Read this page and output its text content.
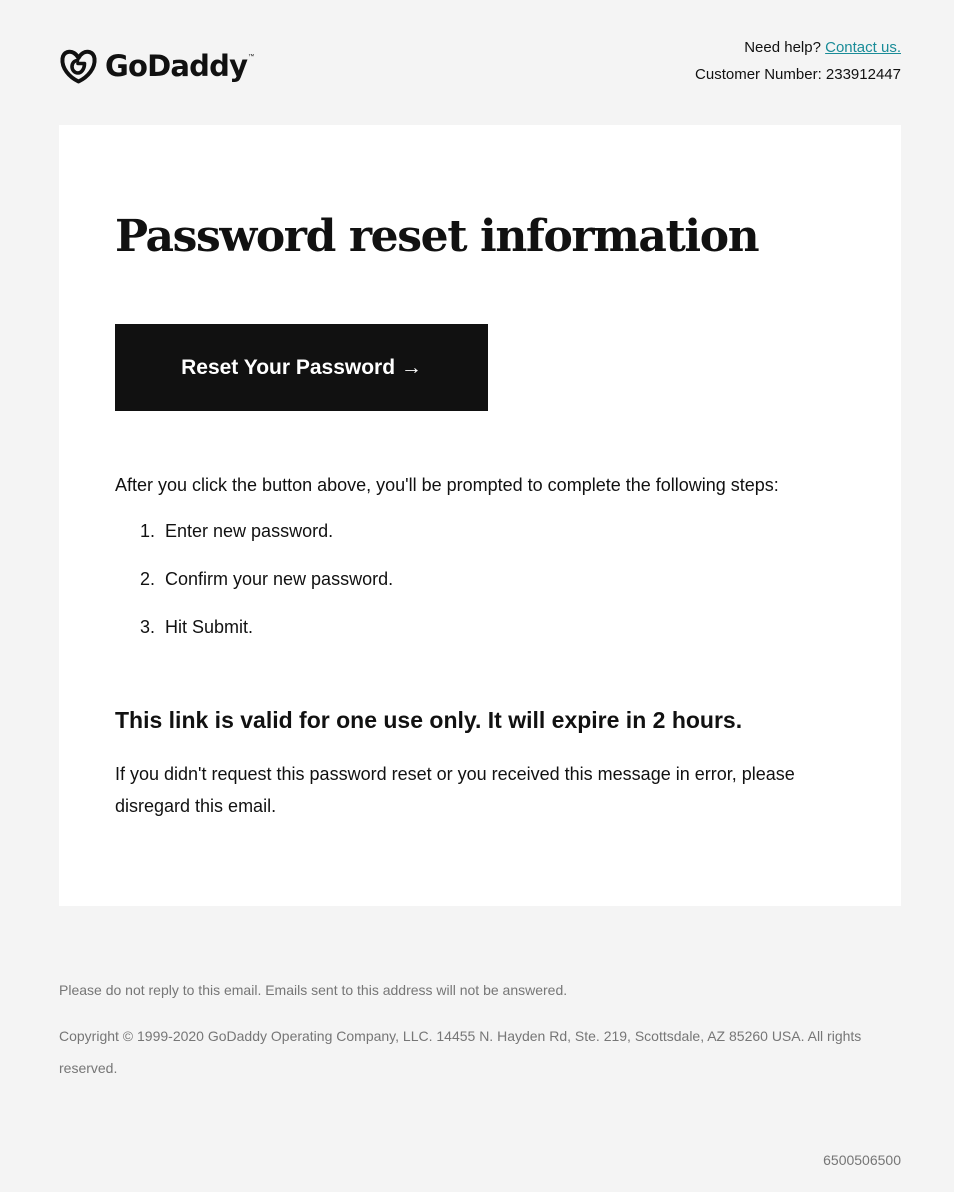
GoDaddy ™
Need help? Contact us.
Customer Number: 233912447
Password reset information
Reset Your Password →

After you click the button above, you'll be prompted to complete the following steps:

1. Enter new password.
2. Confirm your new password.
3. Hit Submit.

This link is valid for one use only. It will expire in 2 hours.

If you didn't request this password reset or you received this message in error, please disregard this email.

Please do not reply to this email. Emails sent to this address will not be answered.

Copyright © 1999-2020 GoDaddy Operating Company, LLC. 14455 N. Hayden Rd, Ste. 219, Scottsdale, AZ 85260 USA. All rights reserved.

6500506500
